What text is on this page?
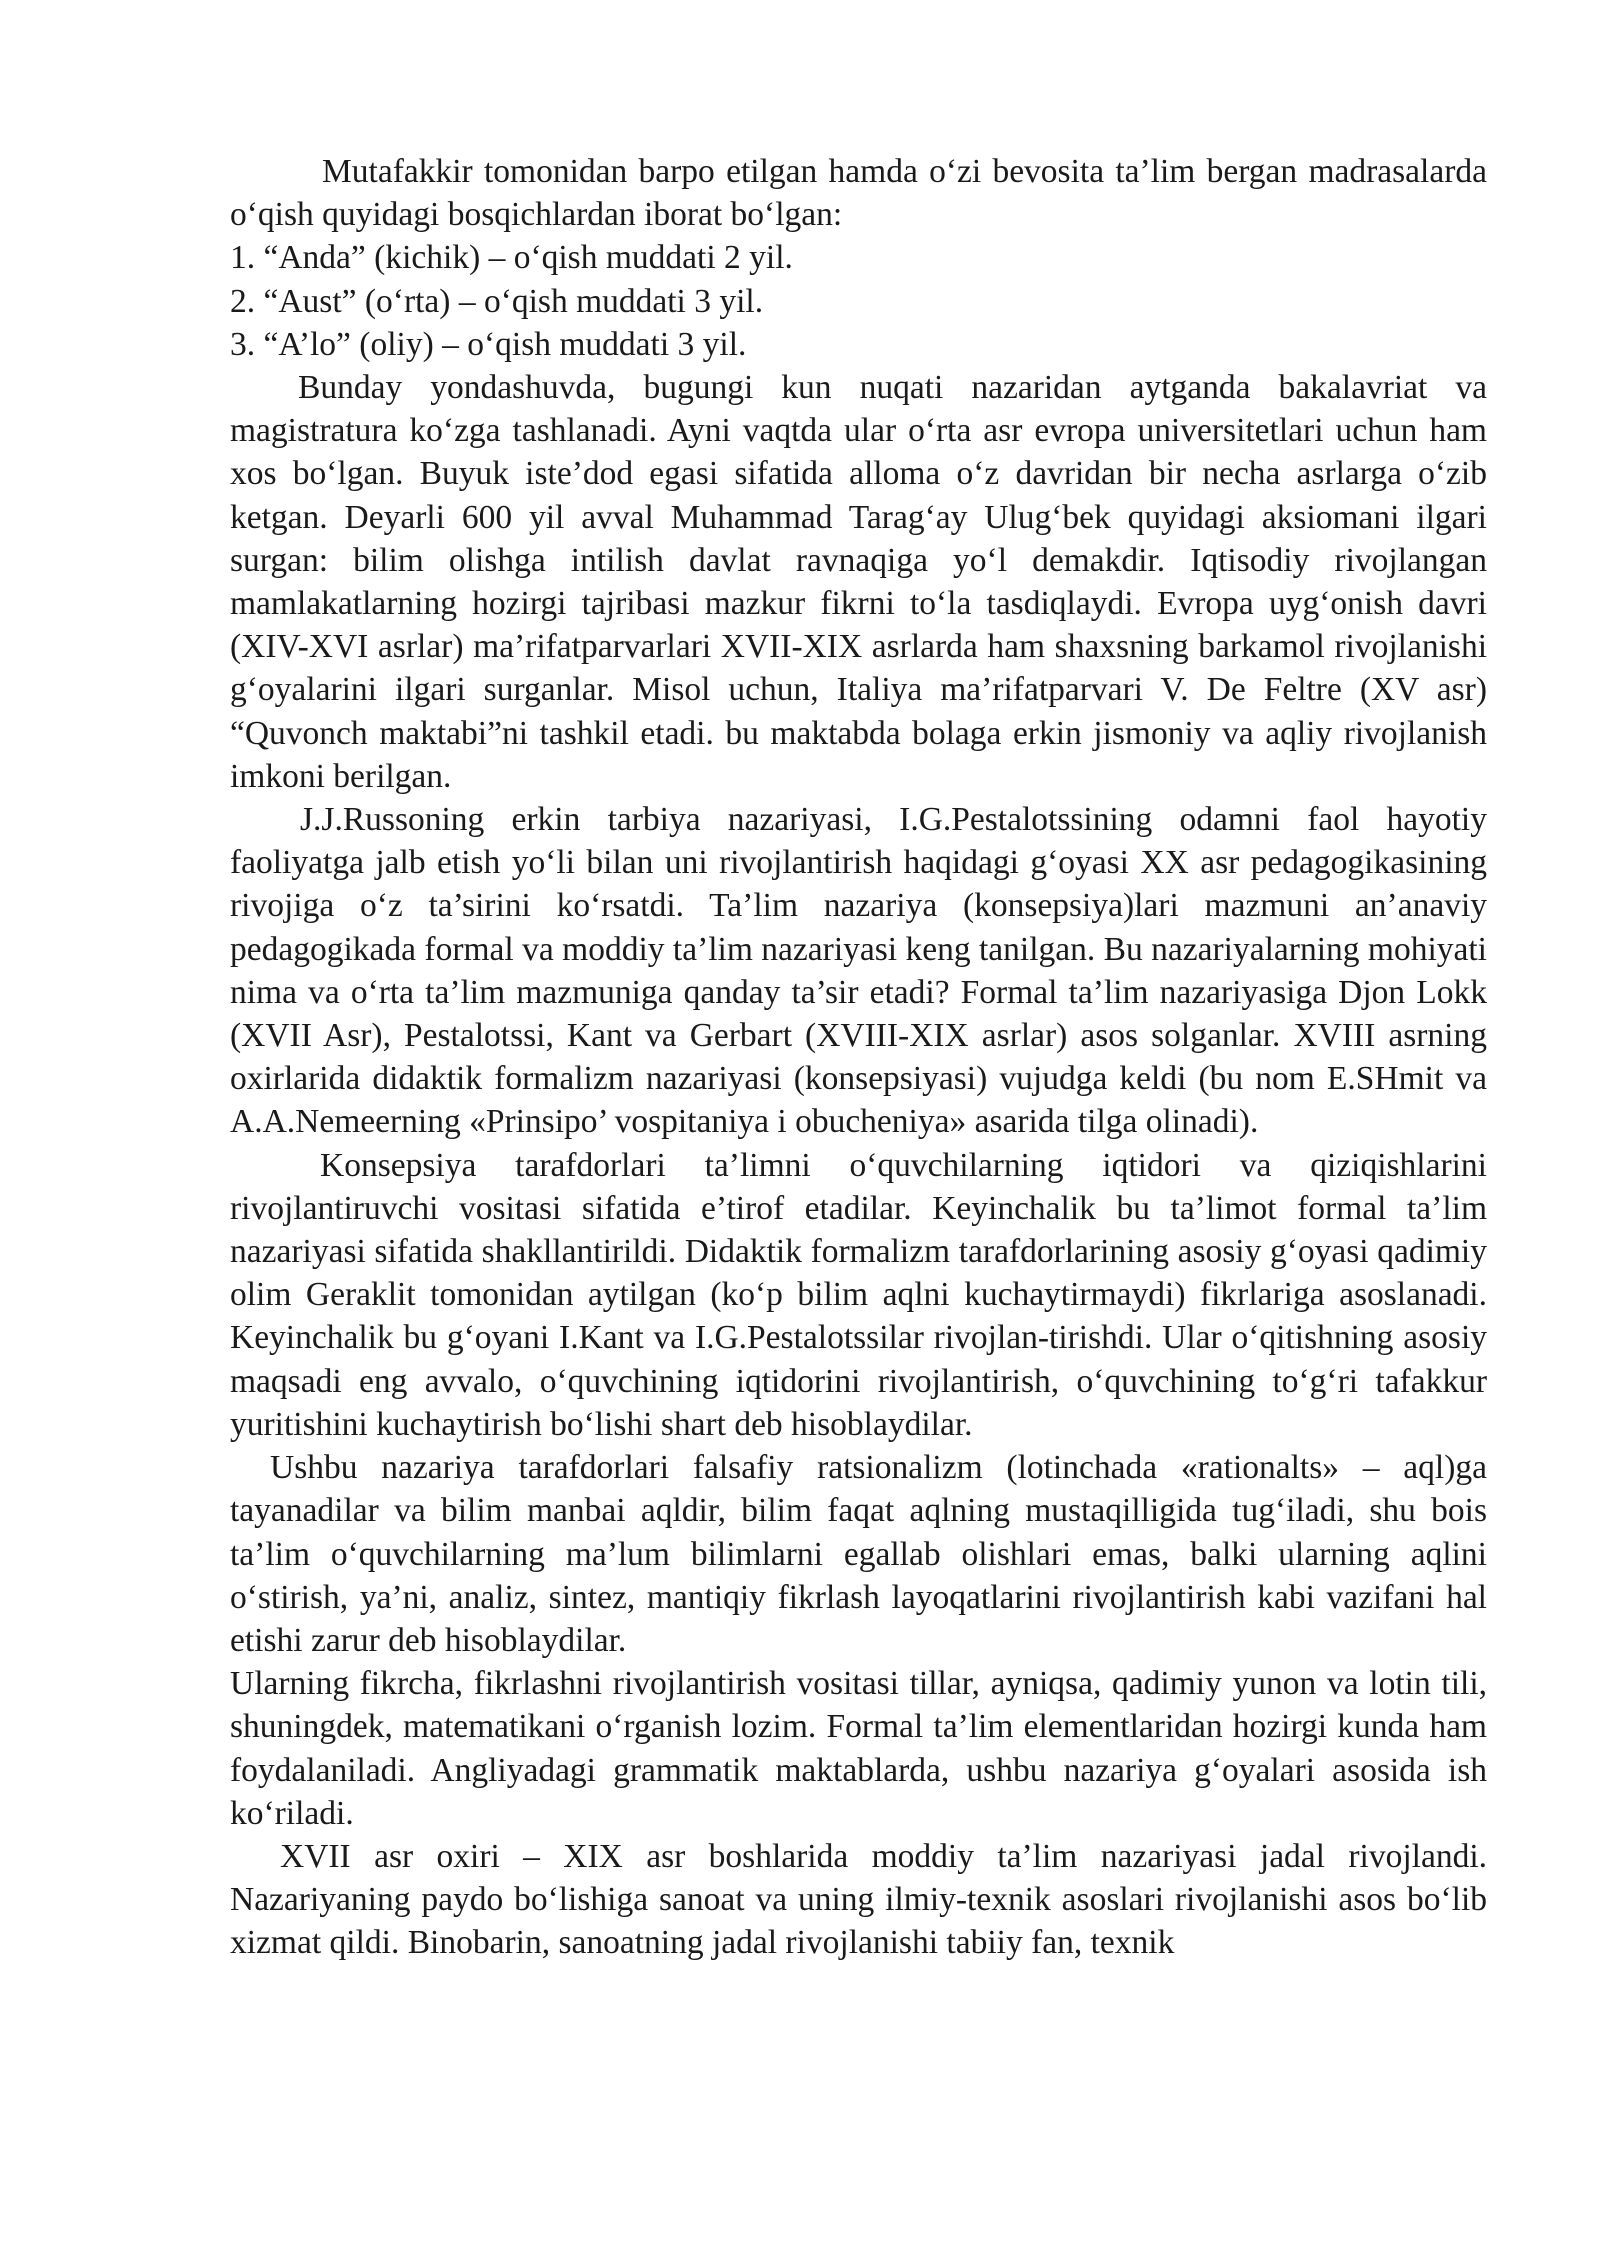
Mutafakkir tomonidan barpo etilgan hamda o‘zi bevosita ta’lim bergan madrasalarda o‘qish quyidagi bosqichlardan iborat bo‘lgan:

1. “Anda” (kichik) – o‘qish muddati 2 yil.

2. “Aust” (o‘rta) – o‘qish muddati 3 yil.

3. “A’lo” (oliy) – o‘qish muddati 3 yil.

Bunday yondashuvda, bugungi kun nuqati nazaridan aytganda bakalavriat va magistratura ko‘zga tashlanadi. Ayni vaqtda ular o‘rta asr evropa universitetlari uchun ham xos bo‘lgan. Buyuk iste’dod egasi sifatida alloma o‘z davridan bir necha asrlarga o‘zib ketgan. Deyarli 600 yil avval Muhammad Tarag‘ay Ulug‘bek quyidagi aksiomani ilgari surgan: bilim olishga intilish davlat ravnaqiga yo‘l demakdir. Iqtisodiy rivojlangan mamlakatlarning hozirgi tajribasi mazkur fikrni to‘la tasdiqlaydi. Evropa uyg‘onish davri (XIV-XVI asrlar) ma’rifatparvarlari XVII-XIX asrlarda ham shaxsning barkamol rivojlanishi g‘oyalarini ilgari surganlar. Misol uchun, Italiya ma’rifatparvari V. De Feltre (XV asr) “Quvonch maktabi”ni tashkil etadi. bu maktabda bolaga erkin jismoniy va aqliy rivojlanish imkoni berilgan.

J.J.Russoning erkin tarbiya nazariyasi, I.G.Pestalotssining odamni faol hayotiy faoliyatga jalb etish yo‘li bilan uni rivojlantirish haqidagi g‘oyasi XX asr pedagogikasining rivojiga o‘z ta’sirini ko‘rsatdi. Ta’lim nazariya (konsepsiya)lari mazmuni an’anaviy pedagogikada formal va moddiy ta’lim nazariyasi keng tanilgan. Bu nazariyalarning mohiyati nima va o‘rta ta’lim mazmuniga qanday ta’sir etadi? Formal ta’lim nazariyasiga Djon Lokk (XVII Asr), Pestalotssi, Kant va Gerbart (XVIII-XIX asrlar) asos solganlar. XVIII asrning oxirlarida didaktik formalizm nazariyasi (konsepsiyasi) vujudga keldi (bu nom E.SHmit va A.A.Nemeerning «Prinsipo’ vospitaniya i obucheniya» asarida tilga olinadi).

Konsepsiya tarafdorlari ta’limni o‘quvchilarning iqtidori va qiziqishlarini rivojlantiruvchi vositasi sifatida e’tirof etadilar. Keyinchalik bu ta’limot formal ta’lim nazariyasi sifatida shakllantirildi. Didaktik formalizm tarafdorlarining asosiy g‘oyasi qadimiy olim Geraklit tomonidan aytilgan (ko‘p bilim aqlni kuchaytirmaydi) fikrlariga asoslanadi. Keyinchalik bu g‘oyani I.Kant va I.G.Pestalotssilar rivojlan-tirishdi. Ular o‘qitishning asosiy maqsadi eng avvalo, o‘quvchining iqtidorini rivojlantirish, o‘quvchining to‘g‘ri tafakkur yuritishini kuchaytirish bo‘lishi shart deb hisoblaydilar.

Ushbu nazariya tarafdorlari falsafiy ratsionalizm (lotinchada «rationalts» – aql)ga tayanadilar va bilim manbai aqldir, bilim faqat aqlning mustaqilligida tug‘iladi, shu bois ta’lim o‘quvchilarning ma’lum bilimlarni egallab olishlari emas, balki ularning aqlini o‘stirish, ya’ni, analiz, sintez, mantiqiy fikrlash layoqatlarini rivojlantirish kabi vazifani hal etishi zarur deb hisoblaydilar.

Ularning fikrcha, fikrlashni rivojlantirish vositasi tillar, ayniqsa, qadimiy yunon va lotin tili, shuningdek, matematikani o‘rganish lozim. Formal ta’lim elementlaridan hozirgi kunda ham foydalaniladi. Angliyadagi grammatik maktablarda, ushbu nazariya g‘oyalari asosida ish ko‘riladi.

XVII asr oxiri – XIX asr boshlarida moddiy ta’lim nazariyasi jadal rivojlandi. Nazariyaning paydo bo‘lishiga sanoat va uning ilmiy-texnik asoslari rivojlanishi asos bo‘lib xizmat qildi. Binobarin, sanoatning jadal rivojlanishi tabiiy fan, texnik
